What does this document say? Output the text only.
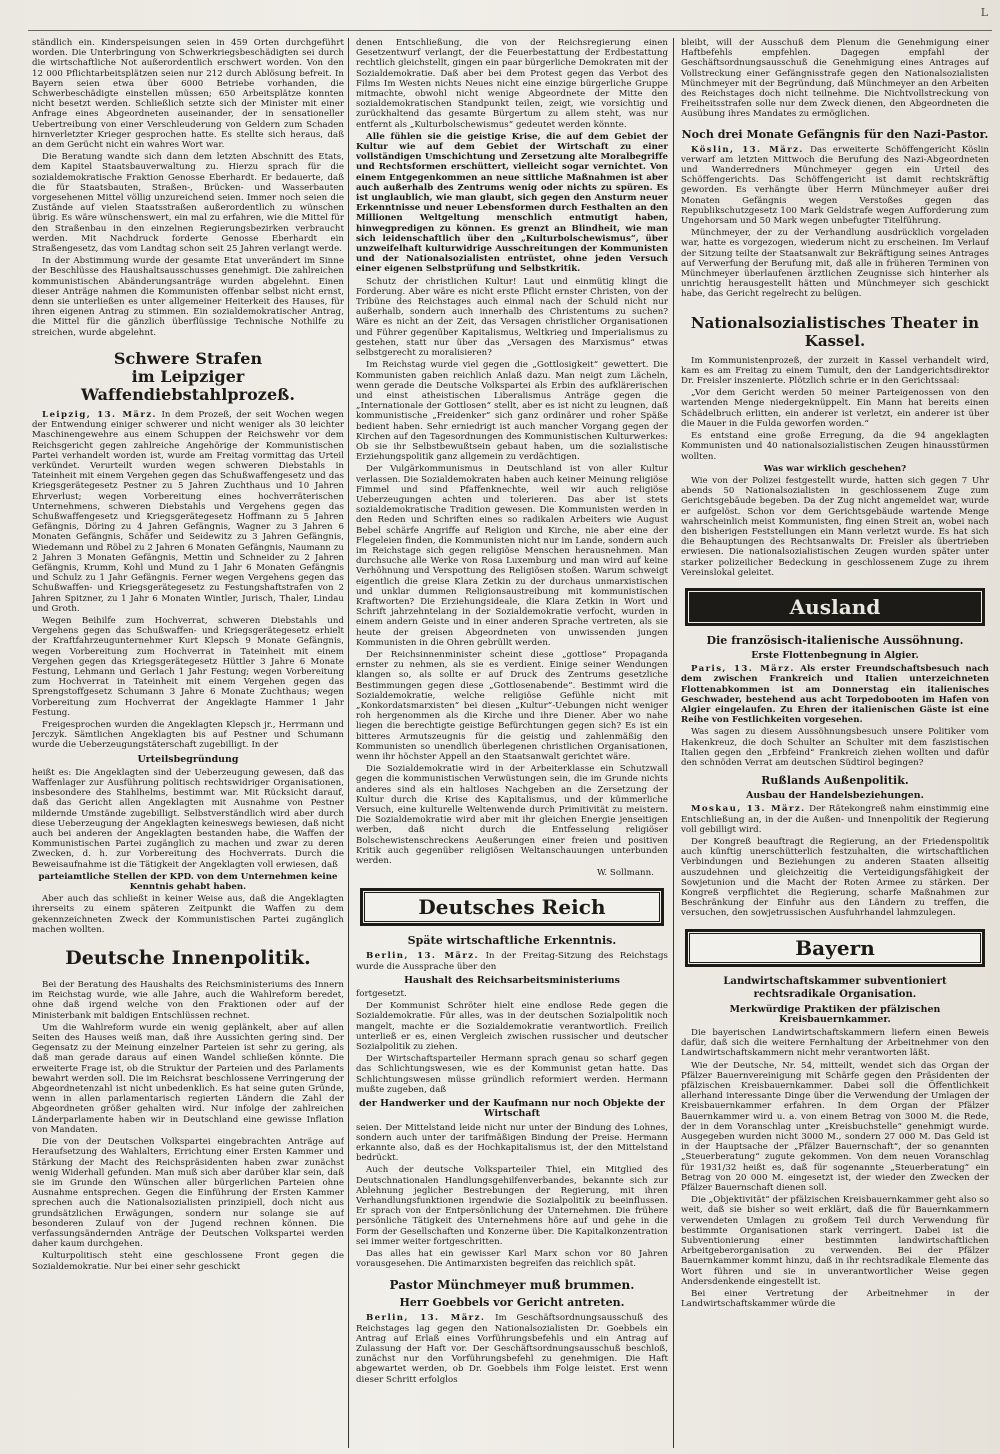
L

ständlich ein. Kinderspeisungen seien in 459 Orten durchgeführt worden. Die Unterbringung von Schwerkriegsbeschädigten sei durch die wirtschaftliche Not außerordentlich erschwert worden. Von den 12 000 Pflichtarbeitsplätzen seien nur 212 durch Ablösung befreit. In Bayern seien etwa über 6000 Betriebe vorhanden, die Schwerbeschädigte einstellen müssen; 650 Arbeitsplätze konnten nicht besetzt werden. Schließlich setzte sich der Minister mit einer Anfrage eines Abgeordneten auseinander, der in sensationeller Uebertreibung von einer Verschleuderung von Geldern zum Schaden hirnverletzter Krieger gesprochen hatte. Es stellte sich heraus, daß an dem Gerücht nicht ein wahres Wort war.

Die Beratung wandte sich dann dem letzten Abschnitt des Etats, dem Kapitel Staatsbauverwaltung zu. Hierzu sprach für die sozialdemokratische Fraktion Genosse Eberhardt. Er bedauerte, daß die für Staatsbauten, Straßen-, Brücken- und Wasserbauten vorgesehenen Mittel völlig unzureichend seien. Immer noch seien die Zustände auf vielen Staatsstraßen außerordentlich zu wünschen übrig. Es wäre wünschenswert, ein mal zu erfahren, wie die Mittel für den Straßenbau in den einzelnen Regierungsbezirken verbraucht werden. Mit Nachdruck forderte Genosse Eberhardt ein Straßengesetz, das vom Landtag schon seit 25 Jahren verlangt werde.

In der Abstimmung wurde der gesamte Etat unverändert im Sinne der Beschlüsse des Haushaltsausschusses genehmigt. Die zahlreichen kommunistischen Abänderungsanträge wurden abgelehnt. Einen dieser Anträge nahmen die Kommunisten offenbar selbst nicht ernst, denn sie unterließen es unter allgemeiner Heiterkeit des Hauses, für ihren eigenen Antrag zu stimmen. Ein sozialdemokratischer Antrag, die Mittel für die gänzlich überflüssige Technische Nothilfe zu streichen, wurde abgelehnt.

Schwere Strafen
im Leipziger Waffendiebstahlprozeß.

Leipzig, 13. März. In dem Prozeß, der seit Wochen wegen der Entwendung einiger schwerer und nicht weniger als 30 leichter Maschinengewehre aus einem Schuppen der Reichswehr vor dem Reichsgericht gegen zahlreiche Angehörige der Kommunistischen Partei verhandelt worden ist, wurde am Freitag vormittag das Urteil verkündet. Verurteilt wurden wegen schweren Diebstahls in Tateinheit mit einem Vergehen gegen das Schußwaffengesetz und das Kriegsgerätegesetz Pestner zu 5 Jahren Zuchthaus und 10 Jahren Ehrverlust; wegen Vorbereitung eines hochverräterischen Unternehmens, schweren Diebstahls und Vergehens gegen das Schußwaffengesetz und Kriegsgerätegesetz Hoffmann zu 5 Jahren Gefängnis, Döring zu 4 Jahren Gefängnis, Wagner zu 3 Jahren 6 Monaten Gefängnis, Schäfer und Seidewitz zu 3 Jahren Gefängnis, Wiedemann und Röbel zu 2 Jahren 6 Monaten Gefängnis, Naumann zu 2 Jahren 3 Monaten Gefängnis, Mettin und Schneider zu 2 Jahren Gefängnis, Krumm, Kohl und Mund zu 1 Jahr 6 Monaten Gefängnis und Schulz zu 1 Jahr Gefängnis. Ferner wegen Vergehens gegen das Schußwaffen- und Kriegsgerätegesetz zu Festungshaftstrafen von 2 Jahren Spitzner, zu 1 Jahr 6 Monaten Wintler, Jurisch, Thaler, Lindau und Groth.

Wegen Beihilfe zum Hochverrat, schweren Diebstahls und Vergehens gegen das Schußwaffen- und Kriegsgerätegesetz erhielt der Kraftfahrzeugunternehmer Kurt Klepsch 9 Monate Gefängnis, wegen Vorbereitung zum Hochverrat in Tateinheit mit einem Vergehen gegen das Kriegsgerätegesetz Hüttler 3 Jahre 6 Monate Festung, Lehmann und Gerlach 1 Jahr Festung; wegen Vorbereitung zum Hochverrat in Tateinheit mit einem Vergehen gegen das Sprengstoffgesetz Schumann 3 Jahre 6 Monate Zuchthaus; wegen Vorbereitung zum Hochverrat der Angeklagte Hammer 1 Jahr Festung.

Freigesprochen wurden die Angeklagten Klepsch jr., Herrmann und Jerczyk. Sämtlichen Angeklagten bis auf Pestner und Schumann wurde die Ueberzeugungstäterschaft zugebilligt. In der

Urteilsbegründung

heißt es: Die Angeklagten sind der Ueberzeugung gewesen, daß das Waffenlager zur Ausführung politisch rechtswidriger Organisationen, insbesondere des Stahlhelms, bestimmt war. Mit Rücksicht darauf, daß das Gericht allen Angeklagten mit Ausnahme von Pestner mildernde Umstände zugebilligt. Selbstverständlich wird aber durch diese Ueberzeugung der Angeklagten keineswegs bewiesen, daß nicht auch bei anderen der Angeklagten bestanden habe, die Waffen der Kommunistischen Partei zugänglich zu machen und zwar zu deren Zwecken, d. h. zur Vorbereitung des Hochverrats. Durch die Beweisaufnahme ist die Tätigkeit der Angeklagten voll erwiesen, daß

parteiamtliche Stellen der KPD. von dem Unternehmen keine Kenntnis gehabt haben.

Aber auch das schließt in keiner Weise aus, daß die Angeklagten ihrerseits zu einem späteren Zeitpunkt die Waffen zu dem gekennzeichneten Zweck der Kommunistischen Partei zugänglich machen wollten.

Deutsche Innenpolitik.

Bei der Beratung des Haushalts des Reichsministeriums des Innern im Reichstag wurde, wie alle Jahre, auch die Wahlreform beredet, ohne daß irgend welche von den Fraktionen oder auf der Ministerbank mit baldigen Entschlüssen rechnet.

Um die Wahlreform wurde ein wenig geplänkelt, aber auf allen Seiten des Hauses weiß man, daß ihre Aussichten gering sind. Der Gegensatz zu der Meinung einzelner Parteien ist sehr zu gering, als daß man gerade daraus auf einen Wandel schließen könnte. Die erweiterte Frage ist, ob die Struktur der Parteien und des Parlaments bewahrt werden soll. Die im Reichsrat beschlossene Verringerung der Abgeordnetenzahl ist nicht unbedenklich. Es hat seine guten Gründe, wenn in allen parlamentarisch regierten Ländern die Zahl der Abgeordneten größer gehalten wird. Nur infolge der zahlreichen Länderparlamente haben wir in Deutschland eine gewisse Inflation von Mandaten.

Die von der Deutschen Volkspartei eingebrachten Anträge auf Heraufsetzung des Wahlalters, Errichtung einer Ersten Kammer und Stärkung der Macht des Reichspräsidenten haben zwar zunächst wenig Widerhall gefunden. Man muß sich aber darüber klar sein, daß sie im Grunde den Wünschen aller bürgerlichen Parteien ohne Ausnahme entsprechen. Gegen die Einführung der Ersten Kammer sprechen auch die Nationalsozialisten prinzipiell, doch nicht aus grundsätzlichen Erwägungen, sondern nur solange sie auf besonderen Zulauf von der Jugend rechnen können. Die verfassungsändernden Anträge der Deutschen Volkspartei werden daher kaum durchgehen.

Kulturpolitisch steht eine geschlossene Front gegen die Sozialdemokratie. Nur bei einer sehr geschickt

denen Entschließung, die von der Reichsregierung einen Gesetzentwurf verlangt, der die Feuerbestattung der Erdbestattung rechtlich gleichstellt, gingen ein paar bürgerliche Demokraten mit der Sozialdemokratie. Daß aber bei dem Protest gegen das Verbot des Films Im Westen nichts Neues nicht eine einzige bürgerliche Gruppe mitmachte, obwohl nicht wenige Abgeordnete der Mitte den sozialdemokratischen Standpunkt teilen, zeigt, wie vorsichtig und zurückhaltend das gesamte Bürgertum zu allem steht, was nur entfernt als „Kulturbolschewismus“ gedeutet werden könnte.

Alle fühlen sie die geistige Krise, die auf dem Gebiet der Kultur wie auf dem Gebiet der Wirtschaft zu einer vollständigen Umschichtung und Zersetzung alte Moralbegriffe und Rechtsformen erschüttert, vielleicht sogar vernichtet. Von einem Entgegenkommen an neue sittliche Maßnahmen ist aber auch außerhalb des Zentrums wenig oder nichts zu spüren. Es ist unglaublich, wie man glaubt, sich gegen den Ansturm neuer Erkenntnisse und neuer Lebensformen durch Festhalten an den Millionen Weltgeltung menschlich entmutigt haben, hinwegpredigen zu können. Es grenzt an Blindheit, wie man sich leidenschaftlich über den „Kulturbolschewismus“, über unzweifelhaft kulturwidrige Ausschreitungen der Kommunisten und der Nationalsozialisten entrüstet, ohne jeden Versuch einer eigenen Selbstprüfung und Selbstkritik.

Schutz der christlichen Kultur! Laut und einmütig klingt die Forderung. Aber wäre es nicht erste Pflicht ernster Christen, von der Tribüne des Reichstages auch einmal nach der Schuld nicht nur außerhalb, sondern auch innerhalb des Christentums zu suchen? Wäre es nicht an der Zeit, das Versagen christlicher Organisationen und Führer gegenüber Kapitalismus, Weltkrieg und Imperialismus zu gestehen, statt nur über das „Versagen des Marxismus“ etwas selbstgerecht zu moralisieren?

Im Reichstag wurde viel gegen die „Gottlosigkeit“ gewettert. Die Kommunisten gaben reichlich Anlaß dazu. Man neigt zum Lächeln, wenn gerade die Deutsche Volkspartei als Erbin des aufklärerischen und einst atheistischen Liberalismus Anträge gegen die „Internationale der Gottlosen“ stellt, aber es ist nicht zu leugnen, daß kommunistische „Freidenker“ sich ganz ordinärer und roher Späße bedient haben. Sehr erniedrigt ist auch mancher Vorgang gegen der Kirchen auf den Tagesordnungen des Kommunistischen Kulturwerkes: Ob sie ihr Selbstbewußtsein gebaut haben, um die sozialistische Erziehungspolitik ganz allgemein zu verdächtigen.

Der Vulgärkommunismus in Deutschland ist von aller Kultur verlassen. Die Sozialdemokraten haben auch keiner Meinung religiöse Fimmel und sind Pfaffenknechte, weil wir auch religiöse Ueberzeugungen achten und tolerieren. Das aber ist stets sozialdemokratische Tradition gewesen. Die Kommunisten werden in den Reden und Schriften eines so radikalen Arbeiters wie August Bebel schärfe Angriffe auf Religion und Kirche, nie aber eine der Flegeleien finden, die Kommunisten nicht nur im Lande, sondern auch im Reichstage sich gegen religiöse Menschen herausnehmen. Man durchsuche alle Werke von Rosa Luxemburg und man wird auf keine Verhöhnung und Verspottung des Religiösen stoßen. Warum schweigt eigentlich die greise Klara Zetkin zu der durchaus unmarxistischen und unklar dummen Religionsaustreibung mit kommunistischen Kraftworten? Die Erziehungsideale, die Klara Zetkin in Wort und Schrift jahrzehntelang in der Sozialdemokratie verfocht, wurden in einem andern Geiste und in einer anderen Sprache vertreten, als sie heute der greisen Abgeordneten von unwissenden jungen Kommunisten in die Ohren gebrüllt werden.

Der Reichsinnenminister scheint diese „gottlose“ Propaganda ernster zu nehmen, als sie es verdient. Einige seiner Wendungen klangen so, als sollte er auf Druck des Zentrums gesetzliche Bestimmungen gegen diese „Gottlosenabende“. Bestimmt wird die Sozialdemokratie, welche religiöse Gefühle nicht mit „Konkordatsmarxisten“ bei diesen „Kultur“-Uebungen nicht weniger roh hergenommen als die Kirche und ihre Diener. Aber wo nahe liegen die berechtigte geistige Befürchtungen gegen sich? Es ist ein bitteres Armutszeugnis für die geistig und zahlenmäßig den Kommunisten so unendlich überlegenen christlichen Organisationen, wenn ihr höchster Appell an den Staatsanwalt gerichtet wäre.

Die Sozialdemokratie wird in der Arbeiterklasse ein Schutzwall gegen die kommunistischen Verwüstungen sein, die im Grunde nichts anderes sind als ein haltloses Nachgeben an die Zersetzung der Kultur durch die Krise des Kapitalismus, und der kümmerliche Versuch, eine kulturelle Weltenwende durch Primitivität zu meistern. Die Sozialdemokratie wird aber mit ihr gleichen Energie jenseitigen werben, daß nicht durch die Entfesselung religiöser Bolschewistenschreckens Aeußerungen einer freien und positiven Kritik auch gegenüber religiösen Weltanschauungen unterbunden werden.

W. Sollmann.
Deutsches Reich
Späte wirtschaftliche Erkenntnis.

Berlin, 13. März. In der Freitag-Sitzung des Reichstags wurde die Aussprache über den

Haushalt des Reichsarbeitsministeriums

fortgesetzt.

Der Kommunist Schröter hielt eine endlose Rede gegen die Sozialdemokratie. Für alles, was in der deutschen Sozialpolitik noch mangelt, machte er die Sozialdemokratie verantwortlich. Freilich unterließ er es, einen Vergleich zwischen russischer und deutscher Sozialpolitik zu ziehen.

Der Wirtschaftsparteiler Hermann sprach genau so scharf gegen das Schlichtungswesen, wie es der Kommunist getan hatte. Das Schlichtungswesen müsse gründlich reformiert werden. Hermann mußte zugeben, daß

der Handwerker und der Kaufmann nur noch Objekte der Wirtschaft

seien. Der Mittelstand leide nicht nur unter der Bindung des Lohnes, sondern auch unter der tarifmäßigen Bindung der Preise. Hermann erkannte also, daß es der Hochkapitalismus ist, der den Mittelstand bedrückt.

Auch der deutsche Volksparteiler Thiel, ein Mitglied des Deutschnationalen Handlungsgehilfenverbandes, bekannte sich zur Ablehnung jeglicher Bestrebungen der Regierung, mit ihren Verhandlungsfunktionen irgendwie die Sozialpolitik zu beeinflussen. Er sprach von der Entpersönlichung der Unternehmen. Die frühere persönliche Tätigkeit des Unternehmens höre auf und gehe in die Form der Gesellschaften und Konzerne über. Die Kapitalkonzentration sei immer weiter fortgeschritten.

Das alles hat ein gewisser Karl Marx schon vor 80 Jahren vorausgesehen. Die Antimarxisten begreifen das reichlich spät.

Pastor Münchmeyer muß brummen.
Herr Goebbels vor Gericht antreten.

Berlin, 13. März. Im Geschäftsordnungsausschuß des Reichstages lag gegen den Nationalsozialisten Dr. Goebbels ein Antrag auf Erlaß eines Vorführungsbefehls und ein Antrag auf Zulassung der Haft vor. Der Geschäftsordnungsausschuß beschloß, zunächst nur den Vorführungsbefehl zu genehmigen. Die Haft abgewartet werden, ob Dr. Goebbels ihm Folge leistet. Erst wenn dieser Schritt erfolglos

bleibt, will der Ausschuß dem Plenum die Genehmigung einer Haftbefehls empfehlen. Dagegen empfahl der Geschäftsordnungsausschuß die Genehmigung eines Antrages auf Vollstreckung einer Gefängnisstrafe gegen den Nationalsozialisten Münchmeyer mit der Begründung, daß Münchmeyer an den Arbeiten des Reichstages doch nicht teilnehme. Die Nichtvollstreckung von Freiheitsstrafen solle nur dem Zweck dienen, den Abgeordneten die Ausübung ihres Mandates zu ermöglichen.

Noch drei Monate Gefängnis für den Nazi-Pastor.

Köslin, 13. März. Das erweiterte Schöffengericht Köslin verwarf am letzten Mittwoch die Berufung des Nazi-Abgeordneten und Wanderredners Münchmeyer gegen ein Urteil des Schöffengerichts. Das Schöffengericht ist damit rechtskräftig geworden. Es verhängte über Herrn Münchmeyer außer drei Monaten Gefängnis wegen Verstoßes gegen das Republikschutzgesetz 100 Mark Geldstrafe wegen Aufforderung zum Ungehorsam und 50 Mark wegen unbefugter Titelführung.

Münchmeyer, der zu der Verhandlung ausdrücklich vorgeladen war, hatte es vorgezogen, wiederum nicht zu erscheinen. Im Verlauf der Sitzung teilte der Staatsanwalt zur Bekräftigung seines Antrages auf Verwerfung der Berufung mit, daß alle in früheren Terminen von Münchmeyer überlaufenen ärztlichen Zeugnisse sich hinterher als unrichtig herausgestellt hätten und Münchmeyer sich geschickt habe, das Gericht regelrecht zu belügen.

Nationalsozialistisches Theater in Kassel.

Im Kommunistenprozeß, der zurzeit in Kassel verhandelt wird, kam es am Freitag zu einem Tumult, den der Landgerichtsdirektor Dr. Freisler inszenierte. Plötzlich schrie er in den Gerichtssaal:

„Vor dem Gericht werden 50 meiner Parteigenossen von den wartenden Menge niedergeknüppelt. Ein Mann hat bereits einen Schädelbruch erlitten, ein anderer ist verletzt, ein anderer ist über die Mauer in die Fulda geworfen worden.“

Es entstand eine große Erregung, da die 94 angeklagten Kommunisten und 40 nationalsozialistischen Zeugen hinausstürmen wollten.

Was war wirklich geschehen?

Wie von der Polizei festgestellt wurde, hatten sich gegen 7 Uhr abends 50 Nationalsozialisten in geschlossenem Zuge zum Gerichtsgebäude begeben. Da der Zug nicht angemeldet war, wurde er aufgelöst. Schon vor dem Gerichtsgebäude wartende Menge wahrscheinlich meist Kommunisten, fing einen Streit an, wobei nach den bisherigen Feststellungen ein Mann verletzt wurde. Es hat sich die Behauptungen des Rechtsanwalts Dr. Freisler als übertrieben erwiesen. Die nationalsozialistischen Zeugen wurden später unter starker polizeilicher Bedeckung in geschlossenem Zuge zu ihrem Vereinslokal geleitet.

Ausland
Die französisch-italienische Aussöhnung.
Erste Flottenbegnung in Algier.

Paris, 13. März. Als erster Freundschaftsbesuch nach dem zwischen Frankreich und Italien unterzeichneten Flottenabkommen ist am Donnerstag ein italienisches Geschwader, bestehend aus acht Torpedobooten im Hafen von Algier eingelaufen. Zu Ehren der italienischen Gäste ist eine Reihe von Festlichkeiten vorgesehen.

Was sagen zu diesem Aussöhnungsbesuch unsere Politiker vom Hakenkreuz, die doch Schulter an Schulter mit dem faszistischen Italien gegen den „Erbfeind“ Frankreich ziehen wollten und dafür den schnöden Verrat am deutschen Südtirol begingen?

Rußlands Außenpolitik.
Ausbau der Handelsbeziehungen.

Moskau, 13. März. Der Rätekongreß nahm einstimmig eine Entschließung an, in der die Außen- und Innenpolitik der Regierung voll gebilligt wird.

Der Kongreß beauftragt die Regierung, an der Friedenspolitik auch künftig unerschütterlich festzuhalten, die wirtschaftlichen Verbindungen und Beziehungen zu anderen Staaten allseitig auszudehnen und gleichzeitig die Verteidigungsfähigkeit der Sowjetunion und die Macht der Roten Armee zu stärken. Der Kongreß verpflichtet die Regierung, scharfe Maßnahmen zur Beschränkung der Einfuhr aus den Ländern zu treffen, die versuchen, den sowjetrussischen Ausfuhrhandel lahmzulegen.

Bayern
Landwirtschaftskammer subventioniert rechtsradikale Organisation.
Merkwürdige Praktiken der pfälzischen Kreisbauernkammer.

Die bayerischen Landwirtschaftskammern liefern einen Beweis dafür, daß sich die weitere Fernhaltung der Arbeitnehmer von den Landwirtschaftskammern nicht mehr verantworten läßt.

Wie der Deutsche, Nr. 54, mitteilt, wendet sich das Organ der Pfälzer Bauernvereinigung mit Schärfe gegen den Präsidenten der pfälzischen Kreisbauernkammer. Dabei soll die Öffentlichkeit allerhand interessante Dinge über die Verwendung der Umlagen der Kreisbauernkammer erfahren. In dem Organ der Pfälzer Bauernkammer wird u. a. von einem Betrag von 3000 M. die Rede, der in dem Voranschlag unter „Kreisbuchstelle“ genehmigt wurde. Ausgegeben wurden nicht 3000 M., sondern 27 000 M. Das Geld ist in der Hauptsache der „Pfälzer Bauernschaft“, der so genannten „Steuerberatung“ zugute gekommen. Von dem neuen Voranschlag für 1931/32 heißt es, daß für sogenannte „Steuerberatung“ ein Betrag von 20 000 M. eingesetzt ist, der wieder den Zwecken der Pfälzer Bauernschaft dienen soll.

Die „Objektivität“ der pfälzischen Kreisbauernkammer geht also so weit, daß sie bisher so weit erklärt, daß die für Bauernkammern verwendeten Umlagen zu großem Teil durch Verwendung für bestimmte Organisationen stark verringert. Dabei ist die Subventionierung einer bestimmten landwirtschaftlichen Arbeitgeberorganisation zu verwenden. Bei der Pfälzer Bauernkammer kommt hinzu, daß in ihr rechtsradikale Elemente das Wort führen und sie in unverantwortlicher Weise gegen Andersdenkende eingestellt ist.

Bei einer Vertretung der Arbeitnehmer in der Landwirtschaftskammer würde die
